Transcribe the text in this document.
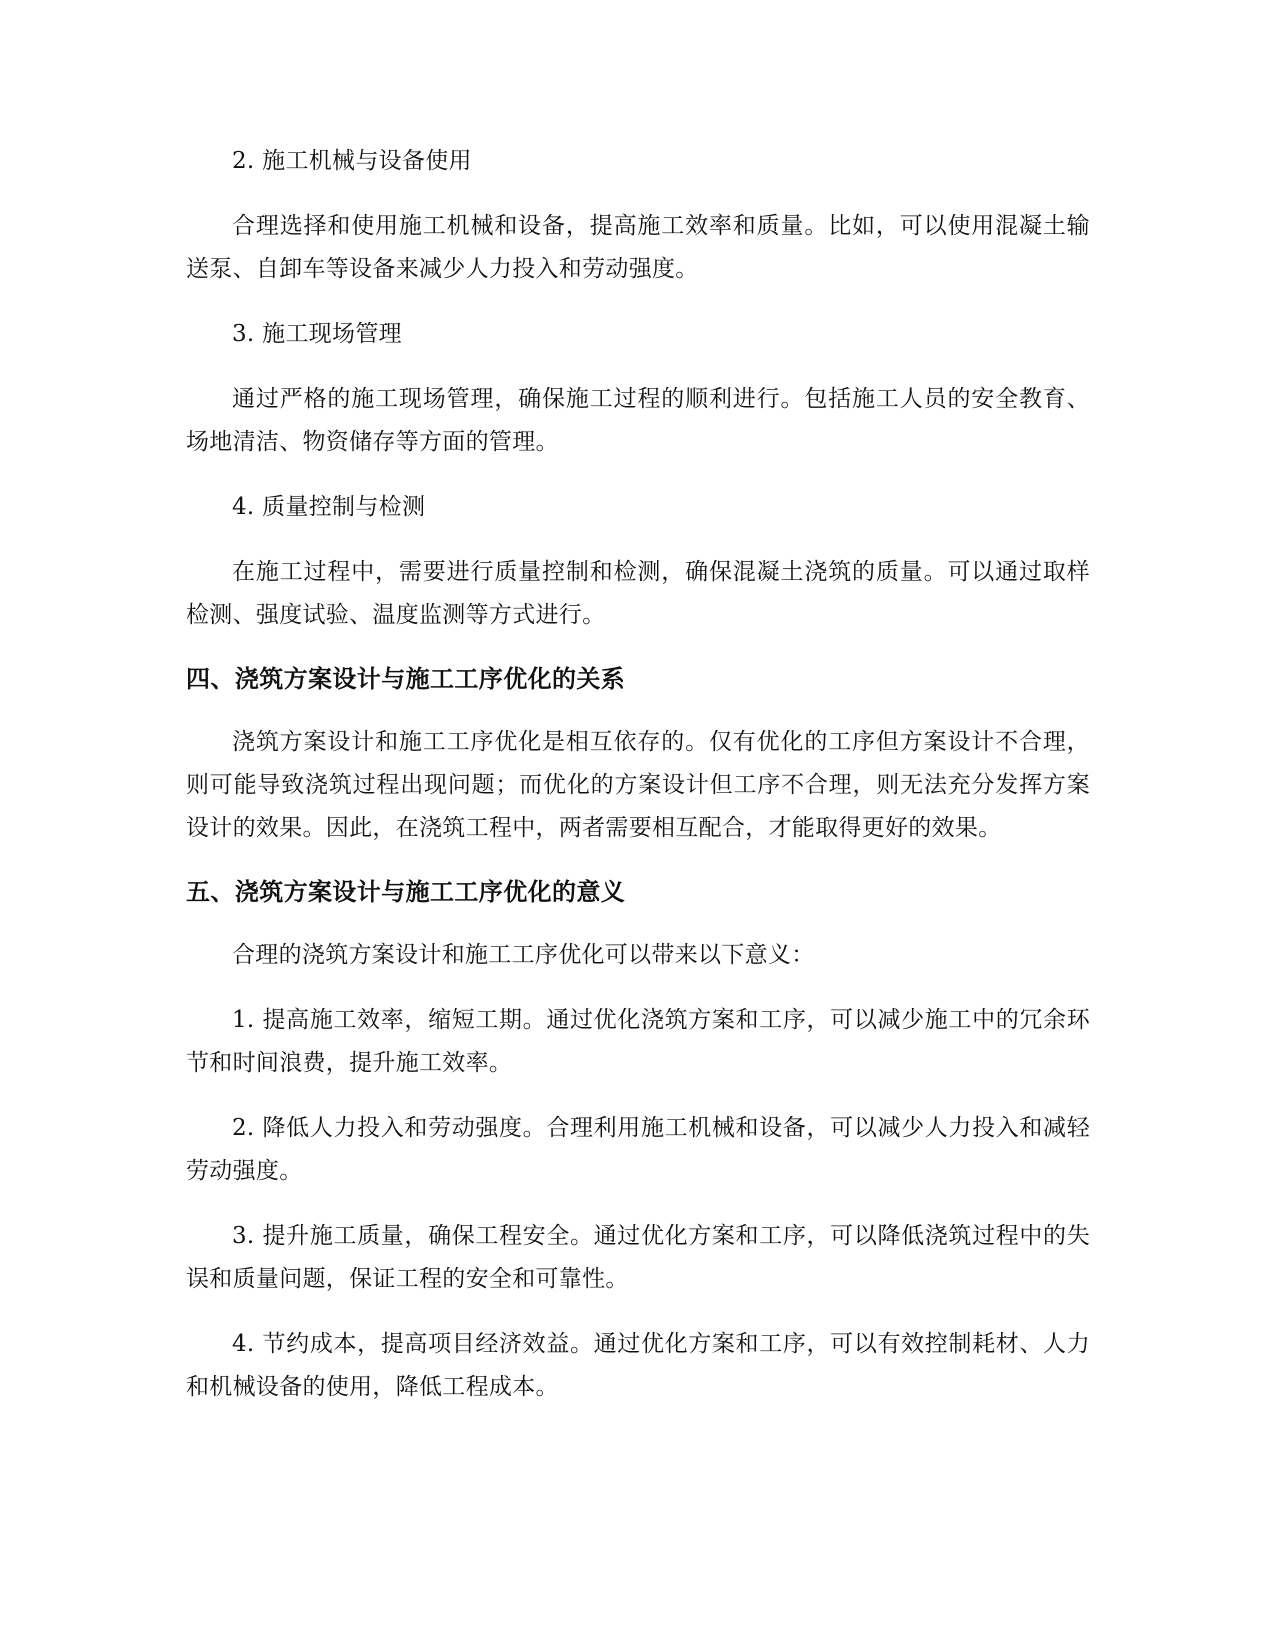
2. 施工机械与设备使用

合理选择和使用施工机械和设备，提高施工效率和质量。比如，可以使用混凝土输送泵、自卸车等设备来减少人力投入和劳动强度。

3. 施工现场管理

通过严格的施工现场管理，确保施工过程的顺利进行。包括施工人员的安全教育、场地清洁、物资储存等方面的管理。

4. 质量控制与检测

在施工过程中，需要进行质量控制和检测，确保混凝土浇筑的质量。可以通过取样检测、强度试验、温度监测等方式进行。

四、浇筑方案设计与施工工序优化的关系

浇筑方案设计和施工工序优化是相互依存的。仅有优化的工序但方案设计不合理，则可能导致浇筑过程出现问题；而优化的方案设计但工序不合理，则无法充分发挥方案设计的效果。因此，在浇筑工程中，两者需要相互配合，才能取得更好的效果。

五、浇筑方案设计与施工工序优化的意义

合理的浇筑方案设计和施工工序优化可以带来以下意义：

1. 提高施工效率，缩短工期。通过优化浇筑方案和工序，可以减少施工中的冗余环节和时间浪费，提升施工效率。

2. 降低人力投入和劳动强度。合理利用施工机械和设备，可以减少人力投入和减轻劳动强度。

3. 提升施工质量，确保工程安全。通过优化方案和工序，可以降低浇筑过程中的失误和质量问题，保证工程的安全和可靠性。

4. 节约成本，提高项目经济效益。通过优化方案和工序，可以有效控制耗材、人力和机械设备的使用，降低工程成本。
